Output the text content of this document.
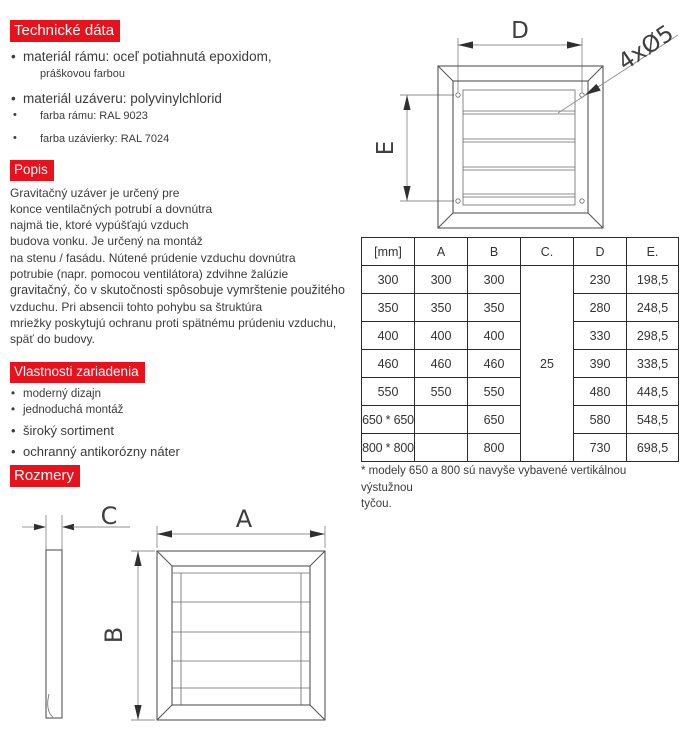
Technické dáta
• materiál rámu: oceľ potiahnutá epoxidom,
práškovou farbou
• materiál uzáveru: polyvinylchlorid
• farba rámu: RAL 9023
• farba uzávierky: RAL 7024
Popis
Gravitačný uzáver je určený pre
konce ventilačných potrubí a dovnútra
najmä tie, ktoré vypúšťajú vzduch
budova vonku. Je určený na montáž
na stenu / fasádu. Nútené prúdenie vzduchu dovnútra
potrubie (napr. pomocou ventilátora) zdvihne žalúzie
gravitačný, čo v skutočnosti spôsobuje vymrštenie použitého
vzduchu. Pri absencii tohto pohybu sa štruktúra
mriežky poskytujú ochranu proti spätnému prúdeniu vzduchu,
späť do budovy.
Vlastnosti zariadenia
• moderný dizajn
• jednoduchá montáž
• široký sortiment
• ochranný antikorózny náter
Rozmery
D
E
4xØ5
[mm]	A	B	C.	D	E.
300	300	300	25	230	198,5
350	350	350		280	248,5
400	400	400		330	298,5
460	460	460		390	338,5
550	550	550		480	448,5
650 * 650		650		580	548,5
800 * 800		800		730	698,5
* modely 650 a 800 sú navyše vybavené vertikálnou výstužnou
tyčou.
C	A
B
